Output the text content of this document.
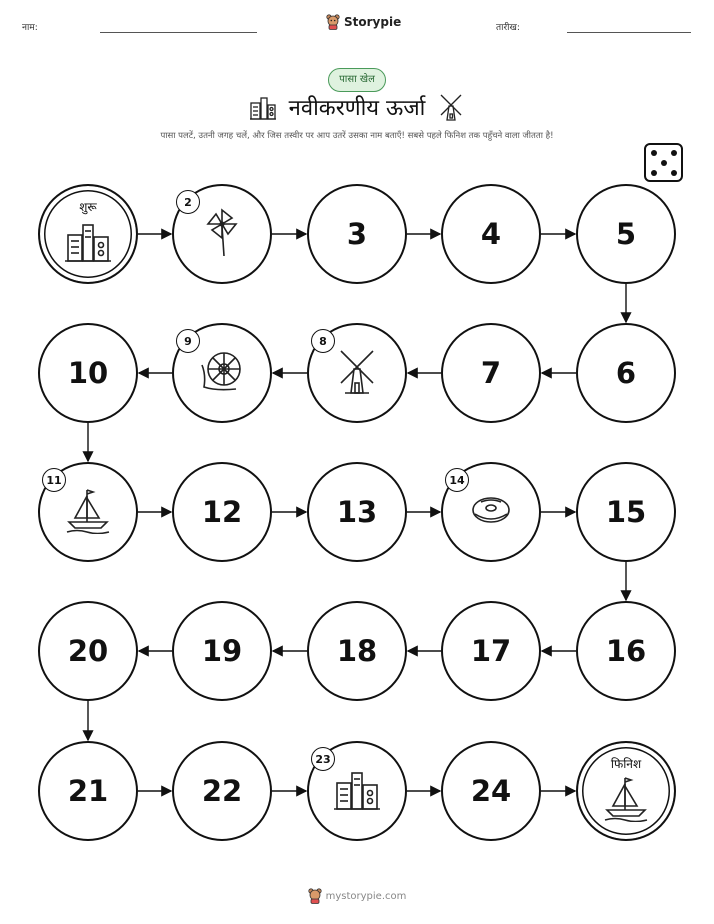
नाम:	Storypie	तारीख:
पासा खेल
नवीकरणीय ऊर्जा
पासा पलटें, उतनी जगह चलें, और जिस तस्वीर पर आप उतरें उसका नाम बताएँ! सबसे पहले फिनिश तक पहुँचने वाला जीतता है!
शुरू	2
3	4	5
6
7
8
9
10
11
12	13
14
15
16
17
18
19
20
21	22
23
24
फिनिश
mystorypie.com
